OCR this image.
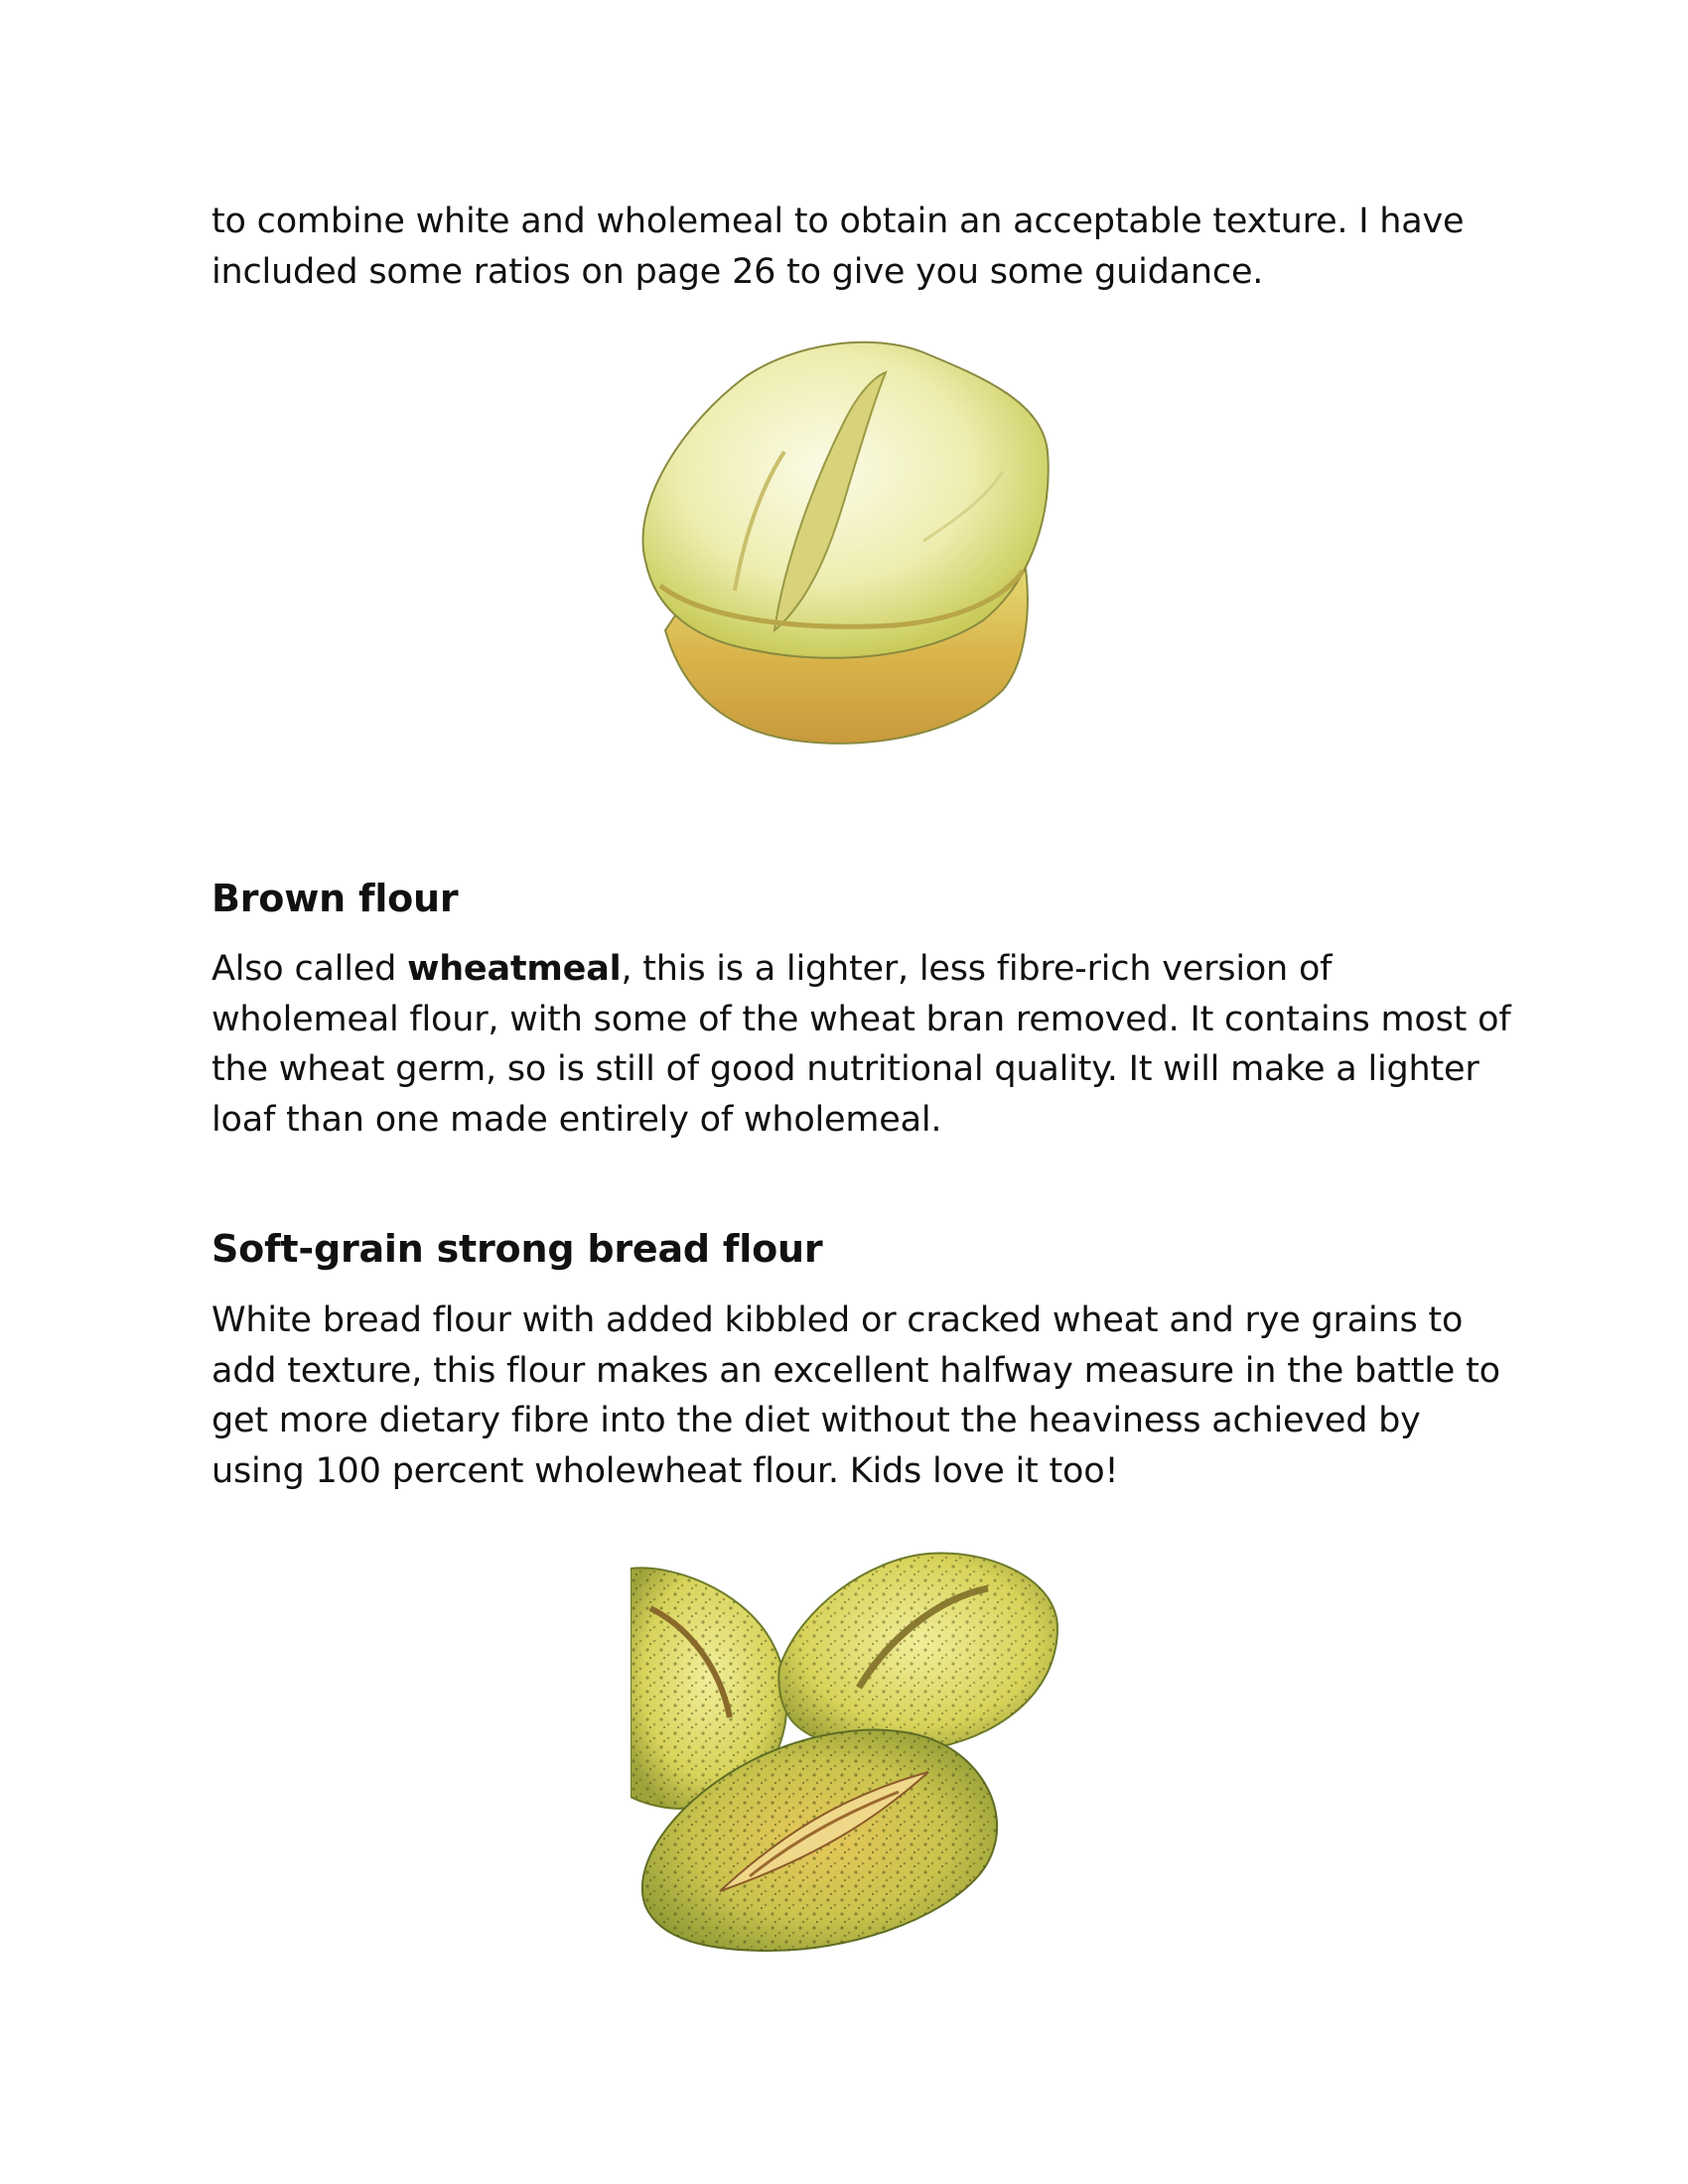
to combine white and wholemeal to obtain an acceptable texture. I have
included some ratios on page 26 to give you some guidance.

Brown flour

Also called wheatmeal, this is a lighter, less fibre-rich version of
wholemeal flour, with some of the wheat bran removed. It contains most of
the wheat germ, so is still of good nutritional quality. It will make a lighter
loaf than one made entirely of wholemeal.

Soft-grain strong bread flour

White bread flour with added kibbled or cracked wheat and rye grains to
add texture, this flour makes an excellent halfway measure in the battle to
get more dietary fibre into the diet without the heaviness achieved by
using 100 percent wholewheat flour. Kids love it too!
